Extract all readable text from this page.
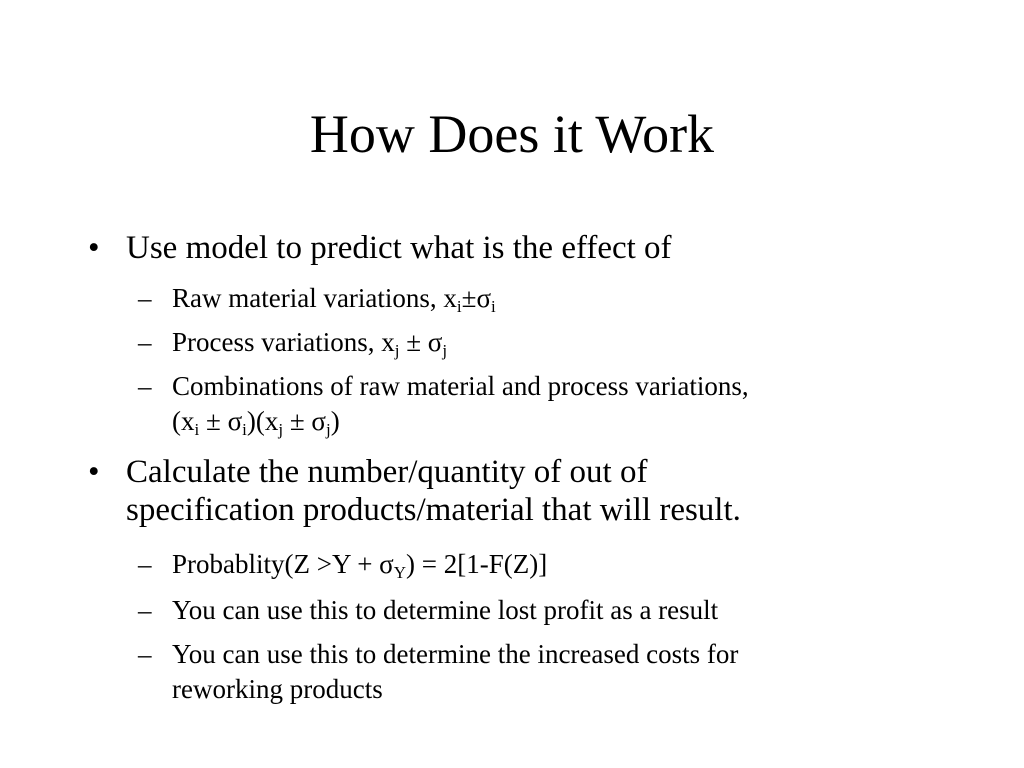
How Does it Work
• Use model to predict what is the effect of
– Raw material variations, $x_i\pm\sigma_i$
– Process variations, $x_j \pm \sigma_j$
– Combinations of raw material and process variations,
$(x_i \pm \sigma_i)(x_j \pm \sigma_j)$
• Calculate the number/quantity of out of
specification products/material that will result.
– Probablity(Z $>Y + \sigma_Y) = 2[1-F(Z)]$
– You can use this to determine lost profit as a result
– You can use this to determine the increased costs for
reworking products
